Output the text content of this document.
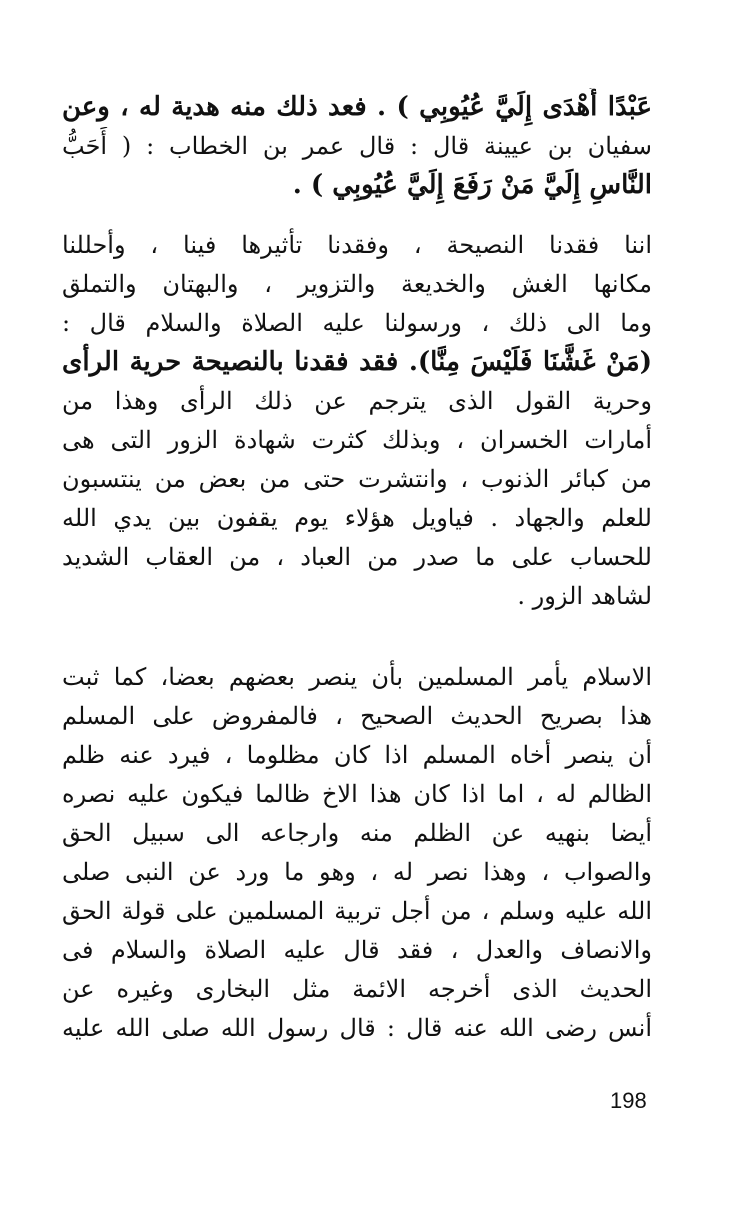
عَبْدًا أَهْدَى إِلَيَّ عُيُوبِي ) . فعد ذلك منه هدية له ، وعن
سفيان بن عيينة قال : قال عمر بن الخطاب : ( أَحَبُّ
النَّاسِ إِلَيَّ مَنْ رَفَعَ إِلَيَّ عُيُوبِي ) .
اننا فقدنا النصيحة ، وفقدنا تأثيرها فينا ، وأحللنا
مكانها الغش والخديعة والتزوير ، والبهتان والتملق
وما الى ذلك ، ورسولنا عليه الصلاة والسلام قال :
(مَنْ غَشَّنَا فَلَيْسَ مِنَّا). فقد فقدنا بالنصيحة حرية الرأى
وحرية القول الذى يترجم عن ذلك الرأى وهذا من
أمارات الخسران ، وبذلك كثرت شهادة الزور التى هى
من كبائر الذنوب ، وانتشرت حتى من بعض من ينتسبون
للعلم والجهاد . فياويل هؤلاء يوم يقفون بين يدي الله
للحساب على ما صدر من العباد ، من العقاب الشديد
لشاهد الزور .
الاسلام يأمر المسلمين بأن ينصر بعضهم بعضا، كما ثبت
هذا بصريح الحديث الصحيح ، فالمفروض على المسلم
أن ينصر أخاه المسلم اذا كان مظلوما ، فيرد عنه ظلم
الظالم له ، اما اذا كان هذا الاخ ظالما فيكون عليه نصره
أيضا بنهيه عن الظلم منه وارجاعه الى سبيل الحق
والصواب ، وهذا نصر له ، وهو ما ورد عن النبى صلى
الله عليه وسلم ، من أجل تربية المسلمين على قولة الحق
والانصاف والعدل ، فقد قال عليه الصلاة والسلام فى
الحديث الذى أخرجه الائمة مثل البخارى وغيره عن
أنس رضى الله عنه قال : قال رسول الله صلى الله عليه
198
